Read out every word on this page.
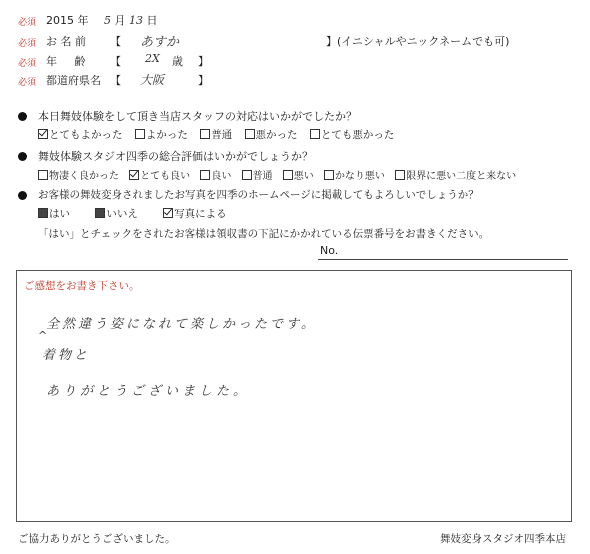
必須 2015 年 5 月 13 日
必須 お 名 前 【 あすか	】(イニシャルやニックネームでも可)
必須 年 齢 【 2X 歳 】
必須 都道府県名 【 大阪	】
本日舞妓体験をして頂き当店スタッフの対応はいかがでしたか？
とてもよかった よかった 普通 悪かった とても悪かった
舞妓体験スタジオ四季の総合評価はいかがでしょうか？
物凄く良かった とても良い 良い 普通 悪い かなり悪い 限界に悪い二度と来ない
お客様の舞妓変身されましたお写真を四季のホームページに掲載してもよろしいでしょうか？
はい	いいえ	写真による
「はい」とチェックをされたお客様は領収書の下記にかかれている伝票番号をお書きください。
No.
ご感想をお書き下さい。
全然違う姿になれて楽しかったです。
^
着物と
ありがとうございました。
ご協力ありがとうございました。	舞妓変身スタジオ四季本店
